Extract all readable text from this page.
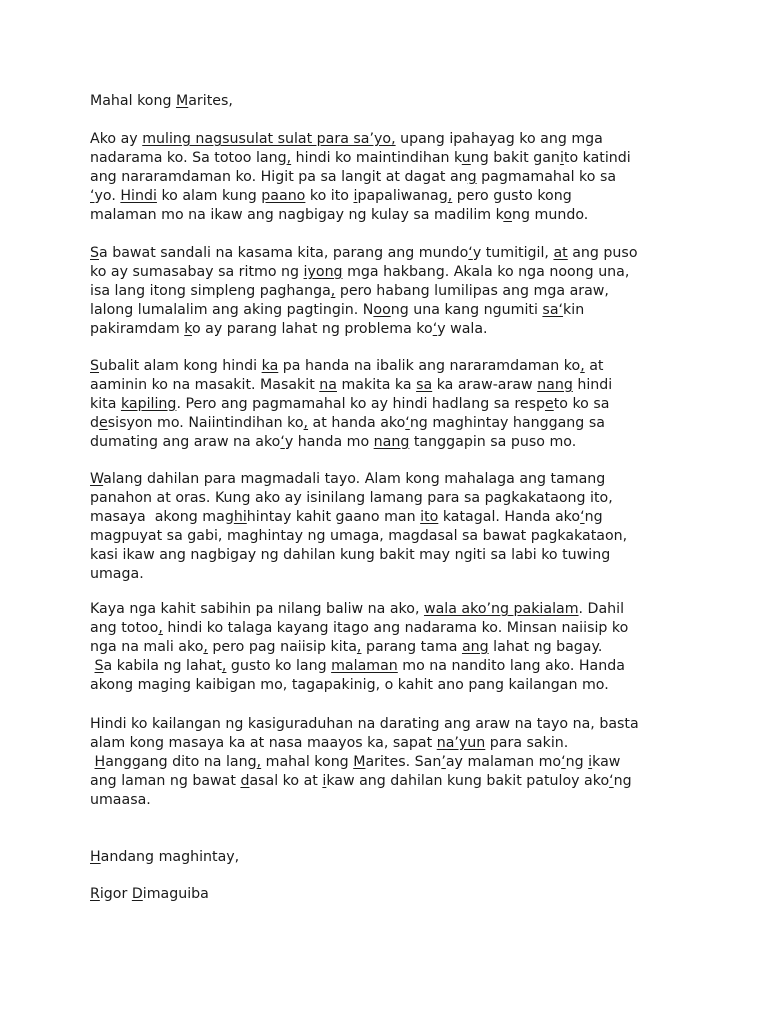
Mahal kong Marites,

Ako ay muling nagsusulat sulat para sa’yo, upang ipahayag ko ang mga
nadarama ko. Sa totoo lang, hindi ko maintindihan kung bakit ganito katindi
ang nararamdaman ko. Higit pa sa langit at dagat ang pagmamahal ko sa
‘yo. Hindi ko alam kung paano ko ito ipapaliwanag, pero gusto kong
malaman mo na ikaw ang nagbigay ng kulay sa madilim kong mundo.

Sa bawat sandali na kasama kita, parang ang mundo‘y tumitigil, at ang puso
ko ay sumasabay sa ritmo ng iyong mga hakbang. Akala ko nga noong una,
isa lang itong simpleng paghanga, pero habang lumilipas ang mga araw,
lalong lumalalim ang aking pagtingin. Noong una kang ngumiti sa‘kin
pakiramdam ko ay parang lahat ng problema ko‘y wala.

Subalit alam kong hindi ka pa handa na ibalik ang nararamdaman ko, at
aaminin ko na masakit. Masakit na makita ka sa ka araw-araw nang hindi
kita kapiling. Pero ang pagmamahal ko ay hindi hadlang sa respeto ko sa
desisyon mo. Naiintindihan ko, at handa ako‘ng maghintay hanggang sa
dumating ang araw na ako‘y handa mo nang tanggapin sa puso mo.

Walang dahilan para magmadali tayo. Alam kong mahalaga ang tamang
panahon at oras. Kung ako ay isinilang lamang para sa pagkakataong ito,
masaya  akong maghihintay kahit gaano man ito katagal. Handa ako‘ng
magpuyat sa gabi, maghintay ng umaga, magdasal sa bawat pagkakataon,
kasi ikaw ang nagbigay ng dahilan kung bakit may ngiti sa labi ko tuwing
umaga.

Kaya nga kahit sabihin pa nilang baliw na ako, wala ako’ng pakialam. Dahil
ang totoo, hindi ko talaga kayang itago ang nadarama ko. Minsan naiisip ko
nga na mali ako, pero pag naiisip kita, parang tama ang lahat ng bagay.
Sa kabila ng lahat, gusto ko lang malaman mo na nandito lang ako. Handa
akong maging kaibigan mo, tagapakinig, o kahit ano pang kailangan mo.

Hindi ko kailangan ng kasiguraduhan na darating ang araw na tayo na, basta
alam kong masaya ka at nasa maayos ka, sapat na’yun para sakin.
Hanggang dito na lang, mahal kong Marites. San’ay malaman mo‘ng ikaw
ang laman ng bawat dasal ko at ikaw ang dahilan kung bakit patuloy ako‘ng
umaasa.

Handang maghintay,

Rigor Dimaguiba
